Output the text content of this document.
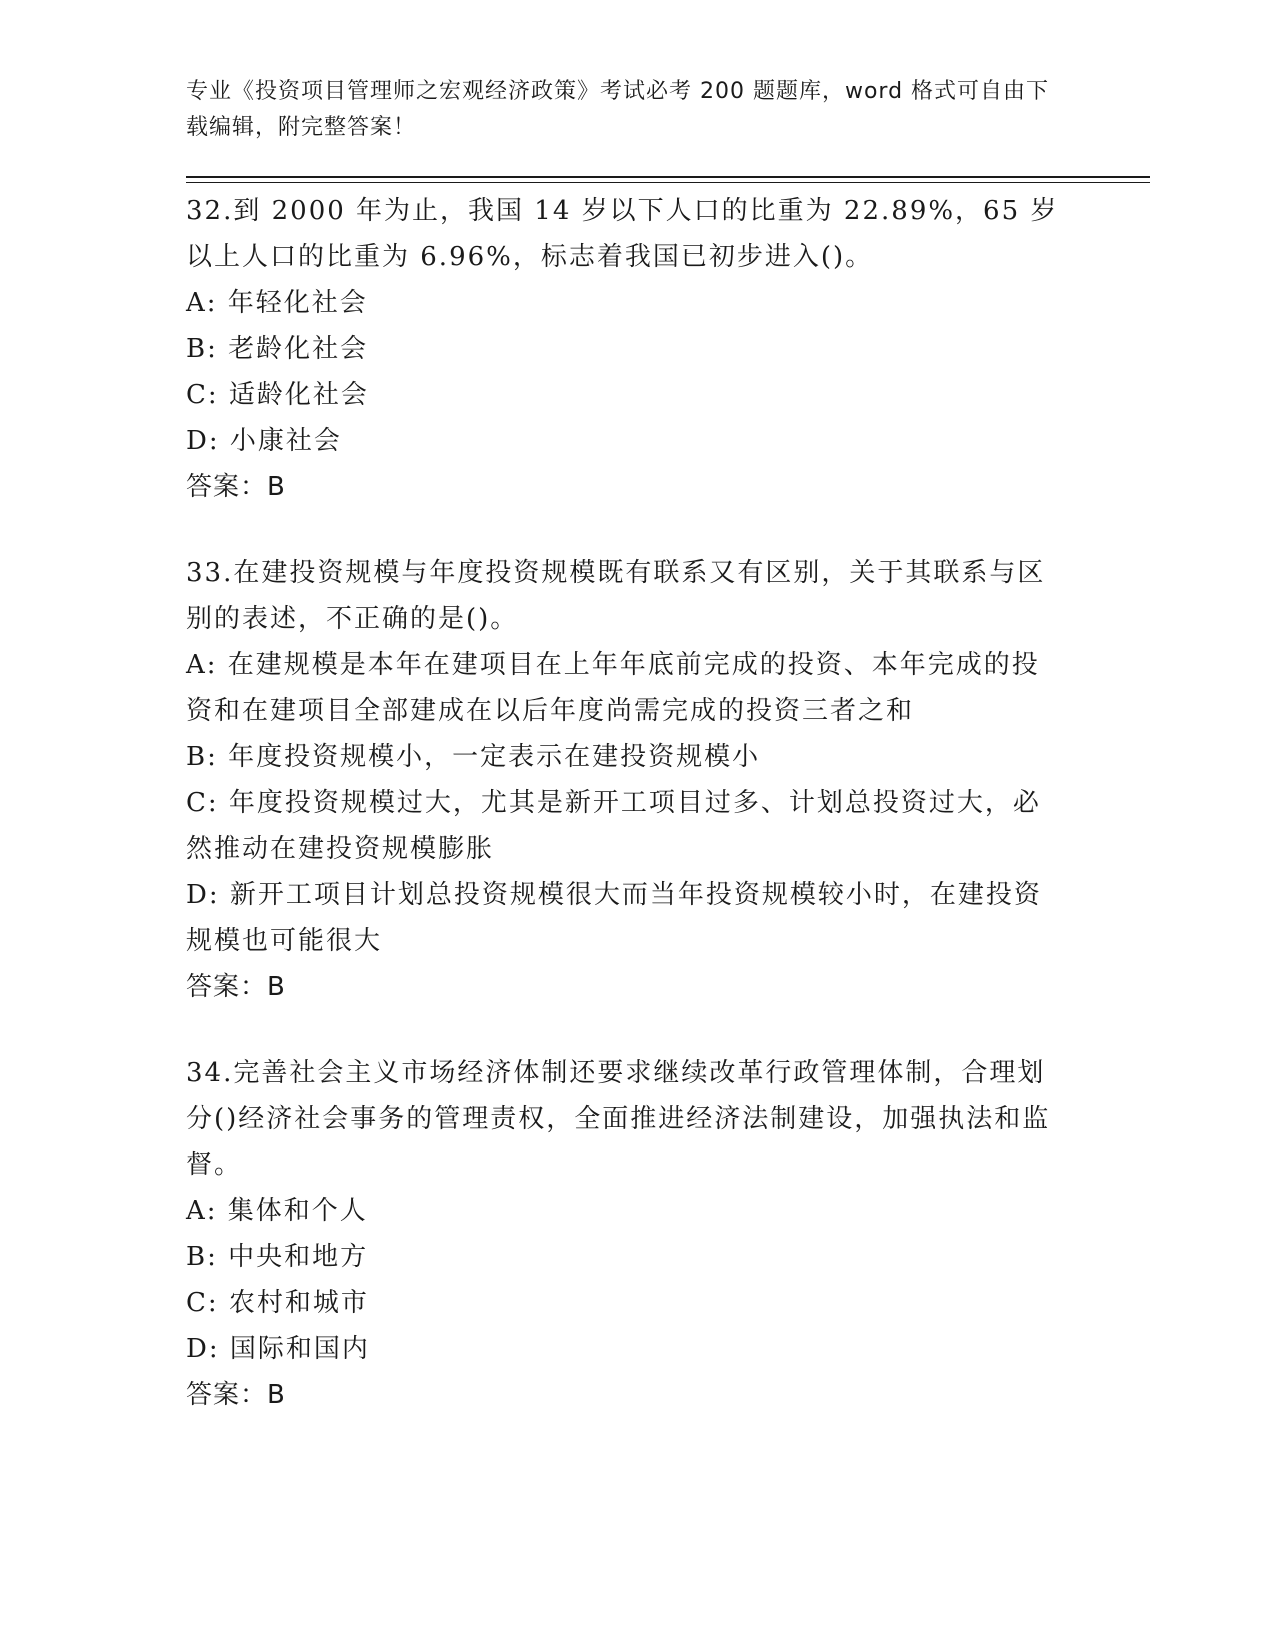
专业《投资项目管理师之宏观经济政策》考试必考 200 题题库，word 格式可自由下载编辑，附完整答案！
32.到 2000 年为止，我国 14 岁以下人口的比重为 22.89%，65 岁以上人口的比重为 6.96%，标志着我国已初步进入()。
A: 年轻化社会
B: 老龄化社会
C: 适龄化社会
D: 小康社会
答案：B
33.在建投资规模与年度投资规模既有联系又有区别，关于其联系与区别的表述，不正确的是()。
A: 在建规模是本年在建项目在上年年底前完成的投资、本年完成的投资和在建项目全部建成在以后年度尚需完成的投资三者之和
B: 年度投资规模小，一定表示在建投资规模小
C: 年度投资规模过大，尤其是新开工项目过多、计划总投资过大，必然推动在建投资规模膨胀
D: 新开工项目计划总投资规模很大而当年投资规模较小时，在建投资规模也可能很大
答案：B
34.完善社会主义市场经济体制还要求继续改革行政管理体制，合理划分()经济社会事务的管理责权，全面推进经济法制建设，加强执法和监督。
A: 集体和个人
B: 中央和地方
C: 农村和城市
D: 国际和国内
答案：B
